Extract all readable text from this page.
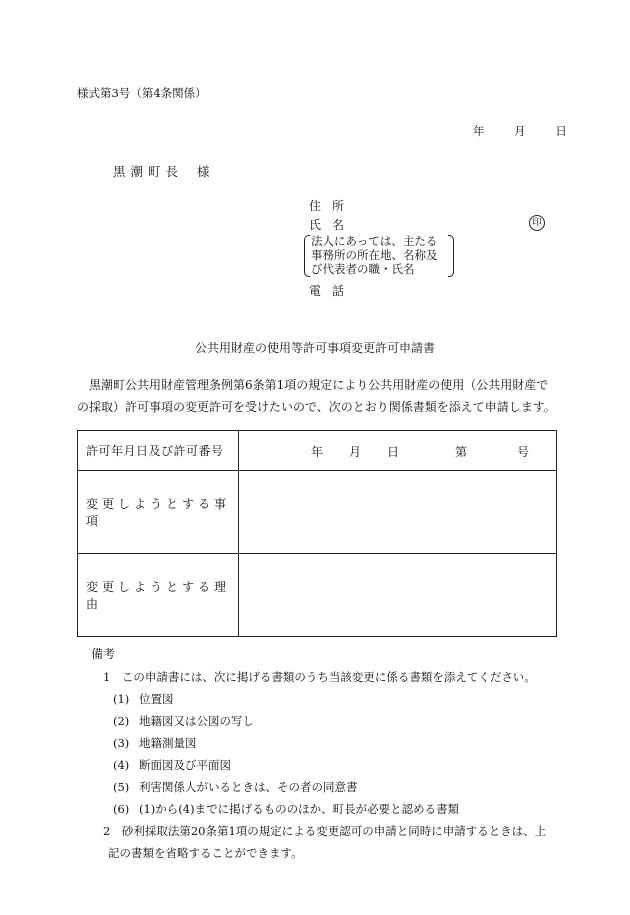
様式第3号（第4条関係）
年	月	日
黒潮町長 様
住所
氏名	印
法人にあっては、主たる
事務所の所在地、名称及
び代表者の職・氏名
電話
公共用財産の使用等許可事項変更許可申請書
黒潮町公共用財産管理条例第6条第1項の規定により公共用財産の使用（公共用財産での採取）許可事項の変更許可を受けたいので、次のとおり関係書類を添えて申請します。
許可年月日及び許可番号	年 月 日 第 号

変更しようとする事項	
変更しようとする理由	
備考
1　この申請書には、次に掲げる書類のうち当該変更に係る書類を添えてください。
(1) 位置図
(2) 地籍図又は公図の写し
(3) 地籍測量図
(4) 断面図及び平面図
(5) 利害関係人がいるときは、その者の同意書
(6) (1)から(4)までに掲げるもののほか、町長が必要と認める書類
2　砂利採取法第20条第1項の規定による変更認可の申請と同時に申請するときは、上
記の書類を省略することができます。
